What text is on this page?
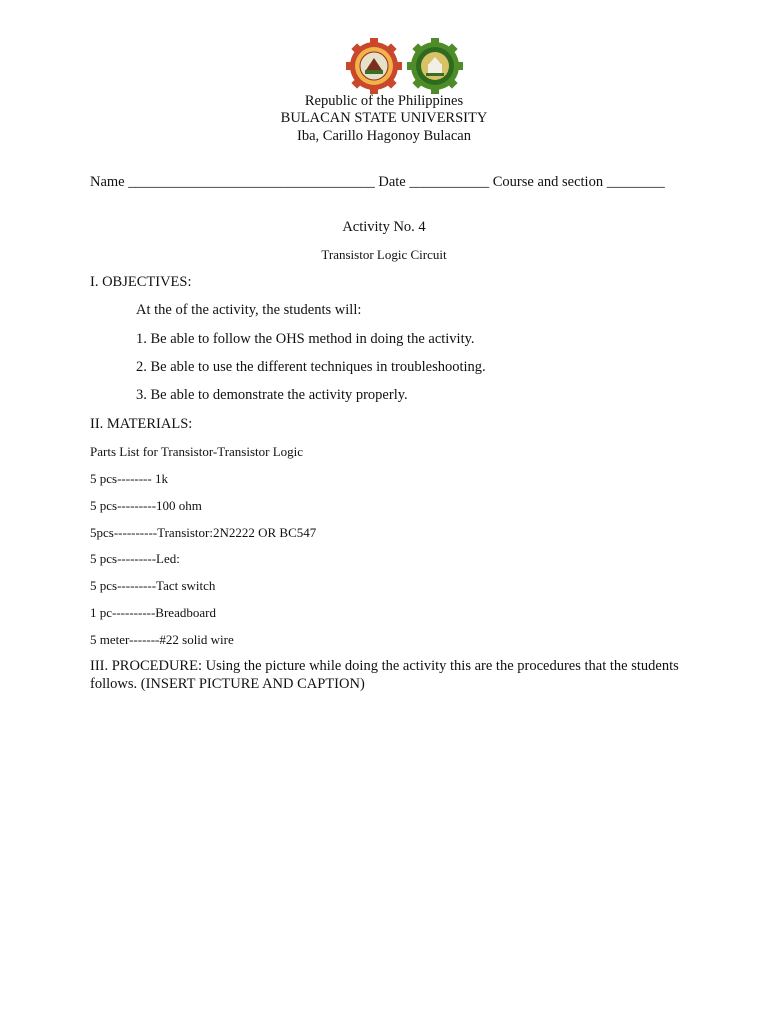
Republic of the Philippines
BULACAN STATE UNIVERSITY
Iba, Carillo Hagonoy Bulacan
Name __________________________________ Date ___________ Course and section ________
Activity No. 4
Transistor Logic Circuit
I. OBJECTIVES:
At the of the activity, the students will:
1. Be able to follow the OHS method in doing the activity.
2. Be able to use the different techniques in troubleshooting.
3. Be able to demonstrate the activity properly.
II. MATERIALS:
Parts List for Transistor-Transistor Logic
5 pcs-------- 1k
5 pcs---------100 ohm
5pcs----------Transistor:2N2222 OR BC547
5 pcs---------Led:
5 pcs---------Tact switch
1 pc----------Breadboard
5 meter-------#22 solid wire
III. PROCEDURE: Using the picture while doing the activity this are the procedures that the students follows. (INSERT PICTURE AND CAPTION)
